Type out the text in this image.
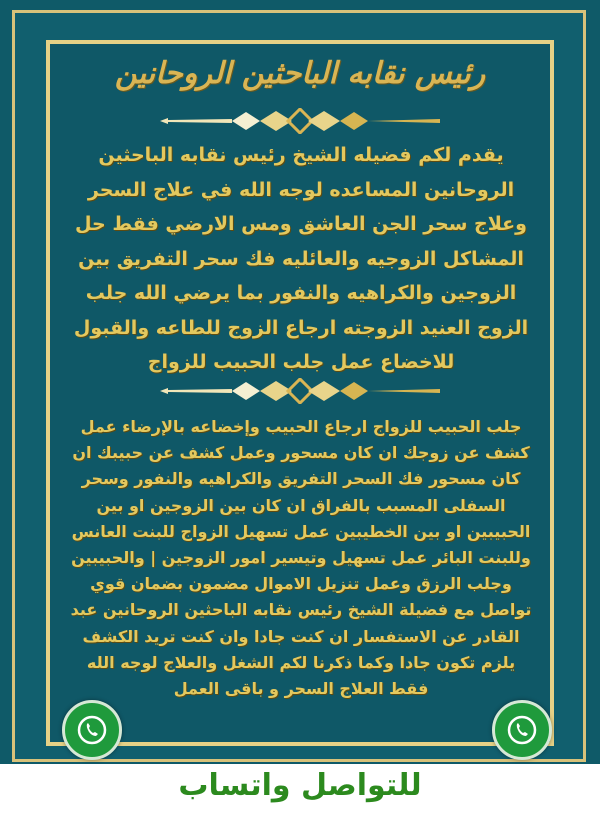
رئيس نقابه الباحثين الروحانين
يقدم لكم فضيله الشيخ رئيس نقابه الباحثين الروحانين المساعده لوجه الله في علاج السحر وعلاج سحر الجن العاشق ومس الارضي فقط حل المشاكل الزوجيه والعائليه فك سحر التفريق بين الزوجين والكراهيه والنفور بما يرضي الله جلب الزوج العنيد الزوجته ارجاع الزوج للطاعه والقبول للاخضاع عمل جلب الحبيب للزواج
جلب الحبيب للزواج ارجاع الحبيب وإخضاعه بالإرضاء عمل كشف عن زوجك ان كان مسحور وعمل كشف عن حبيبك ان كان مسحور فك السحر التفريق والكراهيه والنفور وسحر السفلى المسبب بالفراق ان كان بين الزوجين او بين الحبيبين او بين الخطيبين عمل تسهيل الزواج للبنت العانس وللبنت البائر عمل تسهيل وتيسير امور الزوجين | والحبيبين وجلب الرزق وعمل تنزيل الاموال مضمون بضمان قوي تواصل مع فضيلة الشيخ رئيس نقابه الباحثين الروحانين عبد القادر عن الاستفسار ان كنت جادا وان كنت تريد الكشف يلزم تكون جادا وكما ذكرنا لكم الشغل والعلاج لوجه الله فقط العلاج السحر و باقى العمل
للتواصل واتساب
